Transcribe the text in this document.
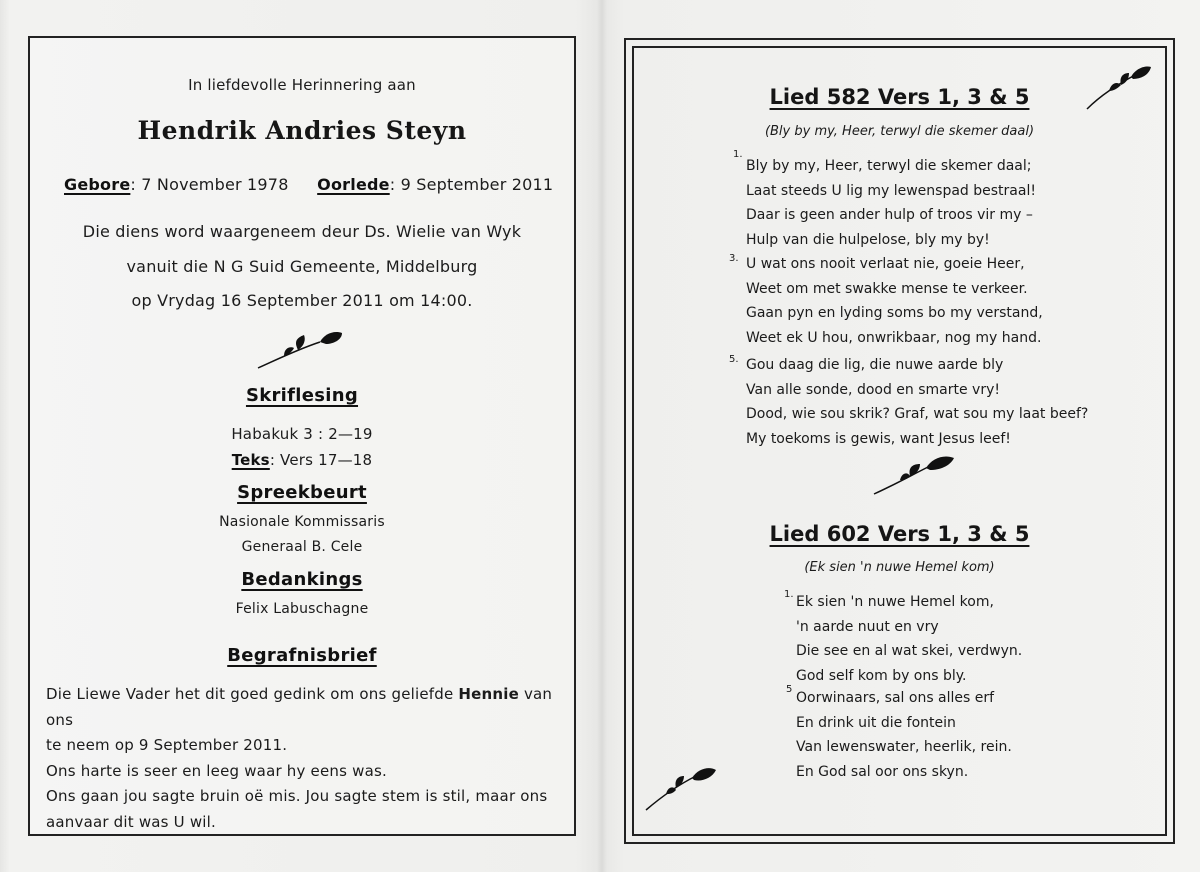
In liefdevolle Herinnering aan
Hendrik Andries Steyn
Gebore: 7 November 1978 Oorlede: 9 September 2011
Die diens word waargeneem deur Ds. Wielie van Wyk
vanuit die N G Suid Gemeente, Middelburg
op Vrydag 16 September 2011 om 14:00.
Skriflesing
Habakuk 3 : 2—19
Teks: Vers 17—18
Spreekbeurt
Nasionale Kommissaris
Generaal B. Cele
Bedankings
Felix Labuschagne
Begrafnisbrief
Die Liewe Vader het dit goed gedink om ons geliefde Hennie van ons
te neem op 9 September 2011.
Ons harte is seer en leeg waar hy eens was.
Ons gaan jou sagte bruin oë mis. Jou sagte stem is stil, maar ons
aanvaar dit was U wil.
Lied 582 Vers 1, 3 & 5
(Bly by my, Heer, terwyl die skemer daal)
1.
Bly by my, Heer, terwyl die skemer daal;
Laat steeds U lig my lewenspad bestraal!
Daar is geen ander hulp of troos vir my –
Hulp van die hulpelose, bly my by!
3. U wat ons nooit verlaat nie, goeie Heer,
Weet om met swakke mense te verkeer.
Gaan pyn en lyding soms bo my verstand,
Weet ek U hou, onwrikbaar, nog my hand.
5. Gou daag die lig, die nuwe aarde bly
Van alle sonde, dood en smarte vry!
Dood, wie sou skrik? Graf, wat sou my laat beef?
My toekoms is gewis, want Jesus leef!
Lied 602 Vers 1, 3 & 5
(Ek sien 'n nuwe Hemel kom)
1. Ek sien 'n nuwe Hemel kom,
'n aarde nuut en vry
Die see en al wat skei, verdwyn.
God self kom by ons bly.
5
Oorwinaars, sal ons alles erf
En drink uit die fontein
Van lewenswater, heerlik, rein.
En God sal oor ons skyn.
